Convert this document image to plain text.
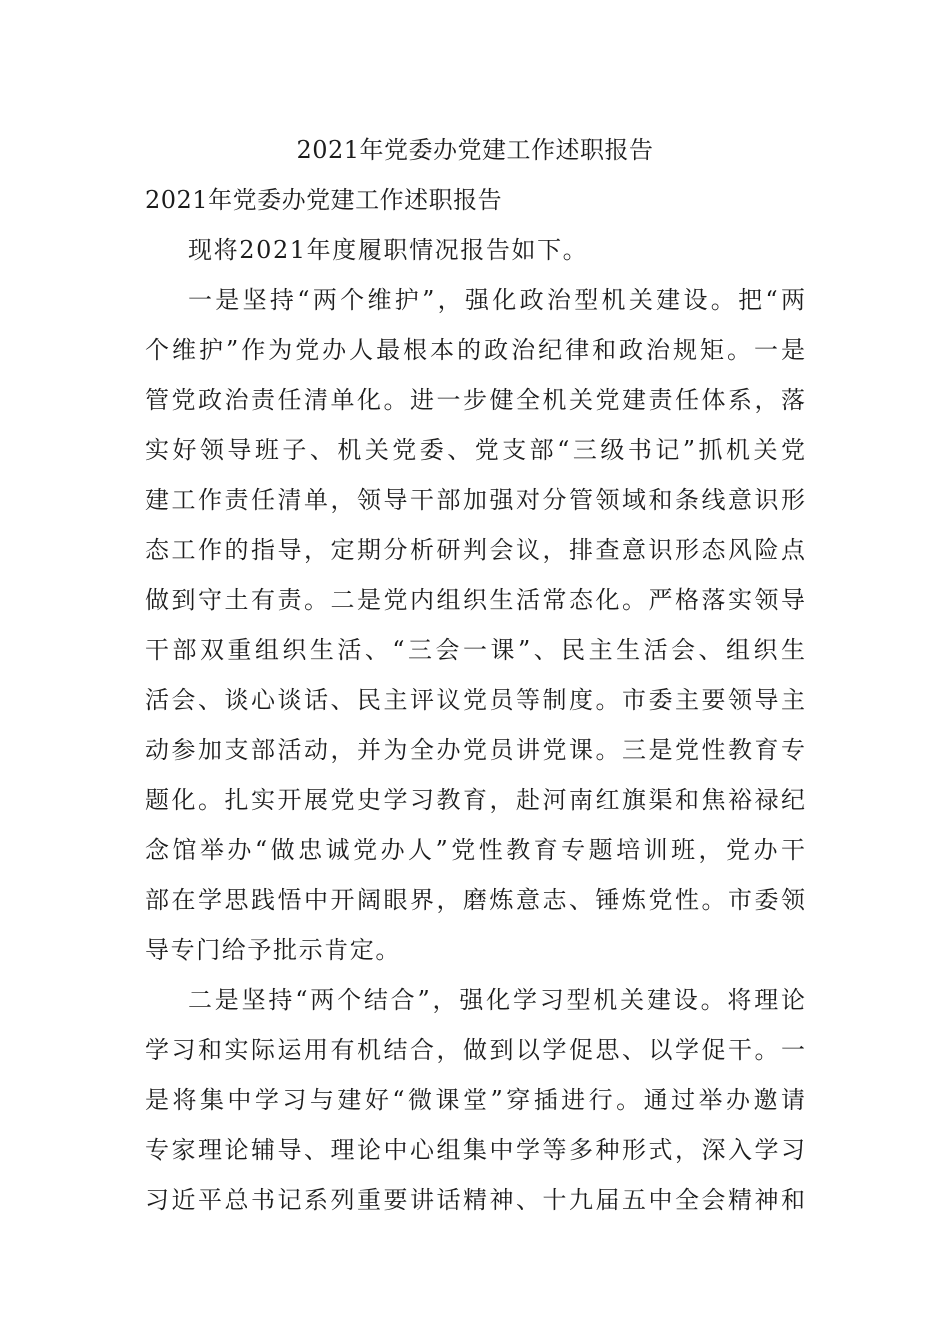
2021年党委办党建工作述职报告
2021年党委办党建工作述职报告
现将2021年度履职情况报告如下。
一是坚持“两个维护”，强化政治型机关建设。把“两
个维护”作为党办人最根本的政治纪律和政治规矩。一是
管党政治责任清单化。进一步健全机关党建责任体系，落
实好领导班子、机关党委、党支部“三级书记”抓机关党
建工作责任清单，领导干部加强对分管领域和条线意识形
态工作的指导，定期分析研判会议，排查意识形态风险点
做到守土有责。二是党内组织生活常态化。严格落实领导
干部双重组织生活、“三会一课”、民主生活会、组织生
活会、谈心谈话、民主评议党员等制度。市委主要领导主
动参加支部活动，并为全办党员讲党课。三是党性教育专
题化。扎实开展党史学习教育，赴河南红旗渠和焦裕禄纪
念馆举办“做忠诚党办人”党性教育专题培训班，党办干
部在学思践悟中开阔眼界，磨炼意志、锤炼党性。市委领
导专门给予批示肯定。
二是坚持“两个结合”，强化学习型机关建设。将理论
学习和实际运用有机结合，做到以学促思、以学促干。一
是将集中学习与建好“微课堂”穿插进行。通过举办邀请
专家理论辅导、理论中心组集中学等多种形式，深入学习
习近平总书记系列重要讲话精神、十九届五中全会精神和
